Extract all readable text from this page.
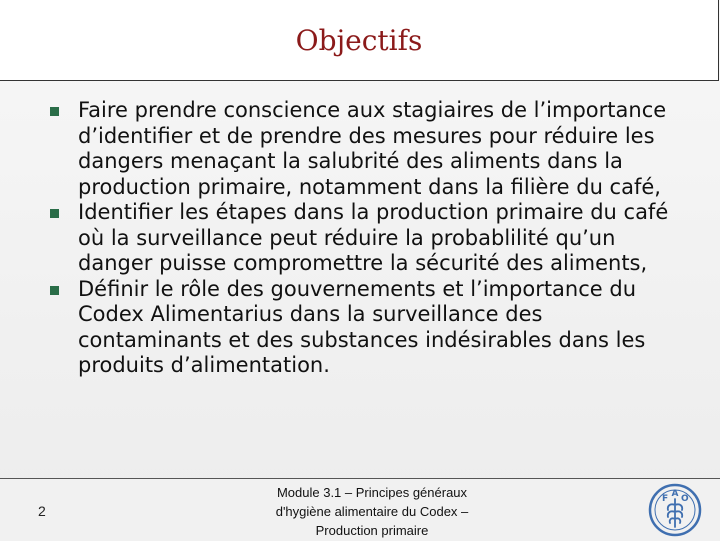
Objectifs
Faire prendre conscience aux stagiaires de l’importance d’identifier et de prendre des mesures pour réduire les dangers menaçant la salubrité des aliments dans la production primaire, notamment dans la filière du café,
Identifier les étapes dans la production primaire du café où la surveillance peut réduire la probablilité qu’un danger puisse compromettre la sécurité des aliments,
Définir le rôle des gouvernements et l’importance du Codex Alimentarius dans la surveillance des contaminants et des substances indésirables dans les produits d’alimentation.
2
Module 3.1 – Principes généraux
d'hygiène alimentaire du Codex –
Production primaire
F A O
